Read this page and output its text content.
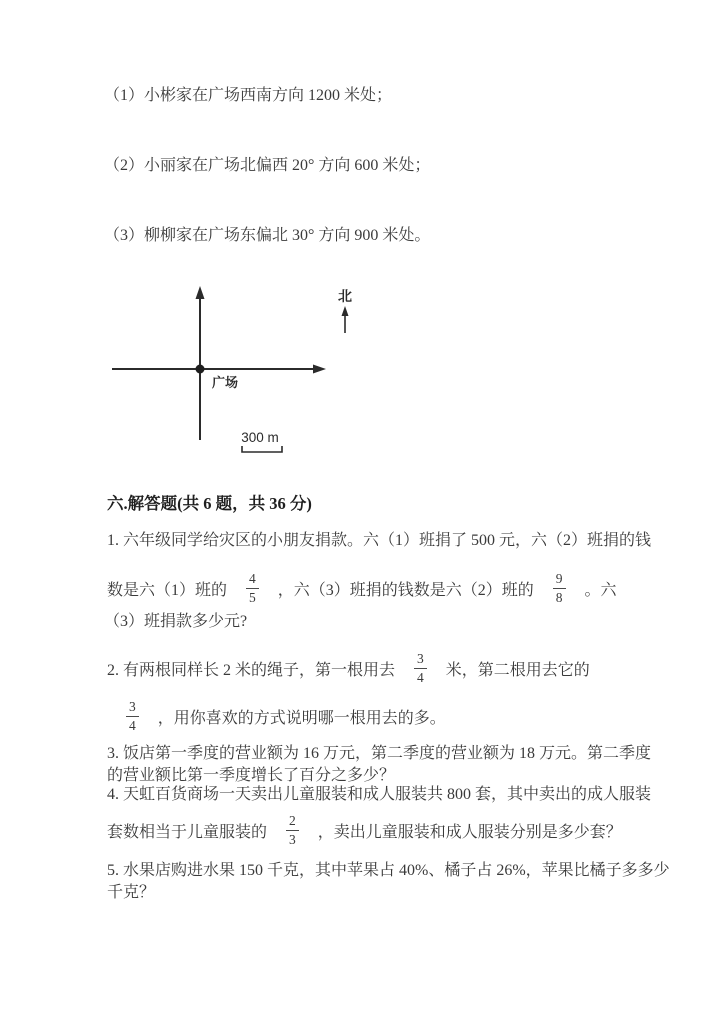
（1）小彬家在广场西南方向 1200 米处；
（2）小丽家在广场北偏西 20° 方向 600 米处；
（3）柳柳家在广场东偏北 30° 方向 900 米处。
广场
北
300 m
六.解答题(共 6 题，共 36 分)
1. 六年级同学给灾区的小朋友捐款。六（1）班捐了 500 元，六（2）班捐的钱
数是六（1）班的 $\frac{4}{5}$ ，六（3）班捐的钱数是六（2）班的 $\frac{9}{8}$ 。六
（3）班捐款多少元?
2. 有两根同样长 2 米的绳子，第一根用去 $\frac{3}{4}$ 米，第二根用去它的
$\frac{3}{4}$ ，用你喜欢的方式说明哪一根用去的多。
3. 饭店第一季度的营业额为 16 万元，第二季度的营业额为 18 万元。第二季度
的营业额比第一季度增长了百分之多少？
4. 天虹百货商场一天卖出儿童服装和成人服装共 800 套，其中卖出的成人服装
套数相当于儿童服装的 $\frac{2}{3}$ ，卖出儿童服装和成人服装分别是多少套？
5. 水果店购进水果 150 千克，其中苹果占 40%、橘子占 26%，苹果比橘子多多少
千克？
